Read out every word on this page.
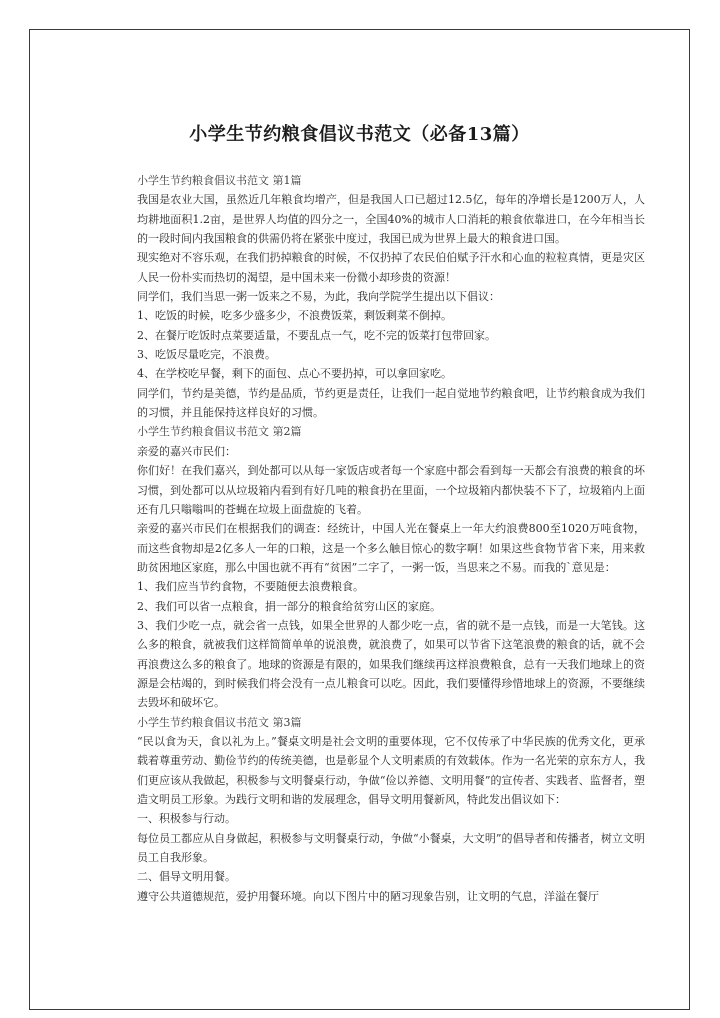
小学生节约粮食倡议书范文（必备13篇）

小学生节约粮食倡议书范文 第1篇

我国是农业大国，虽然近几年粮食均增产，但是我国人口已超过12.5亿，每年的净增长是1200万人，人均耕地面积1.2亩，是世界人均值的四分之一，全国40%的城市人口消耗的粮食依靠进口，在今年相当长的一段时间内我国粮食的供需仍将在紧张中度过，我国已成为世界上最大的粮食进口国。

现实绝对不容乐观，在我们扔掉粮食的时候，不仅扔掉了农民伯伯赋予汗水和心血的粒粒真情，更是灾区人民一份朴实而热切的渴望，是中国未来一份微小却珍贵的资源！

同学们，我们当思一粥一饭来之不易，为此，我向学院学生提出以下倡议：

1、吃饭的时候，吃多少盛多少，不浪费饭菜，剩饭剩菜不倒掉。

2、在餐厅吃饭时点菜要适量，不要乱点一气，吃不完的饭菜打包带回家。

3、吃饭尽量吃完，不浪费。

4、在学校吃早餐，剩下的面包、点心不要扔掉，可以拿回家吃。

同学们，节约是美德，节约是品质，节约更是责任，让我们一起自觉地节约粮食吧，让节约粮食成为我们的习惯，并且能保持这样良好的习惯。

小学生节约粮食倡议书范文 第2篇

亲爱的嘉兴市民们：

你们好！在我们嘉兴，到处都可以从每一家饭店或者每一个家庭中都会看到每一天都会有浪费的粮食的坏习惯，到处都可以从垃圾箱内看到有好几吨的粮食扔在里面，一个垃圾箱内都快装不下了，垃圾箱内上面还有几只嗡嗡叫的苍蝇在垃圾上面盘旋的飞着。

亲爱的嘉兴市民们在根据我们的调查：经统计，中国人光在餐桌上一年大约浪费800至1020万吨食物，而这些食物却是2亿多人一年的口粮，这是一个多么触目惊心的数字啊！如果这些食物节省下来，用来救助贫困地区家庭，那么中国也就不再有“贫困”二字了，一粥一饭，当思来之不易。而我的`意见是：

1、我们应当节约食物，不要随便去浪费粮食。

2、我们可以省一点粮食，捐一部分的粮食给贫穷山区的家庭。

3、我们少吃一点，就会省一点钱，如果全世界的人都少吃一点，省的就不是一点钱，而是一大笔钱。这么多的粮食，就被我们这样简简单单的说浪费，就浪费了，如果可以节省下这笔浪费的粮食的话，就不会再浪费这么多的粮食了。地球的资源是有限的，如果我们继续再这样浪费粮食，总有一天我们地球上的资源是会枯竭的，到时候我们将会没有一点儿粮食可以吃。因此，我们要懂得珍惜地球上的资源，不要继续去毁坏和破坏它。

小学生节约粮食倡议书范文 第3篇

“民以食为天，食以礼为上。”餐桌文明是社会文明的重要体现，它不仅传承了中华民族的优秀文化，更承载着尊重劳动、勤俭节约的传统美德，也是彰显个人文明素质的有效载体。作为一名光荣的京东方人，我们更应该从我做起，积极参与文明餐桌行动，争做“俭以养德、文明用餐”的宣传者、实践者、监督者，塑造文明员工形象。为践行文明和谐的发展理念，倡导文明用餐新风，特此发出倡议如下：

一、积极参与行动。

每位员工都应从自身做起，积极参与文明餐桌行动，争做“小餐桌，大文明”的倡导者和传播者，树立文明员工自我形象。

二、倡导文明用餐。

遵守公共道德规范，爱护用餐环境。向以下图片中的陋习现象告别，让文明的气息，洋溢在餐厅
